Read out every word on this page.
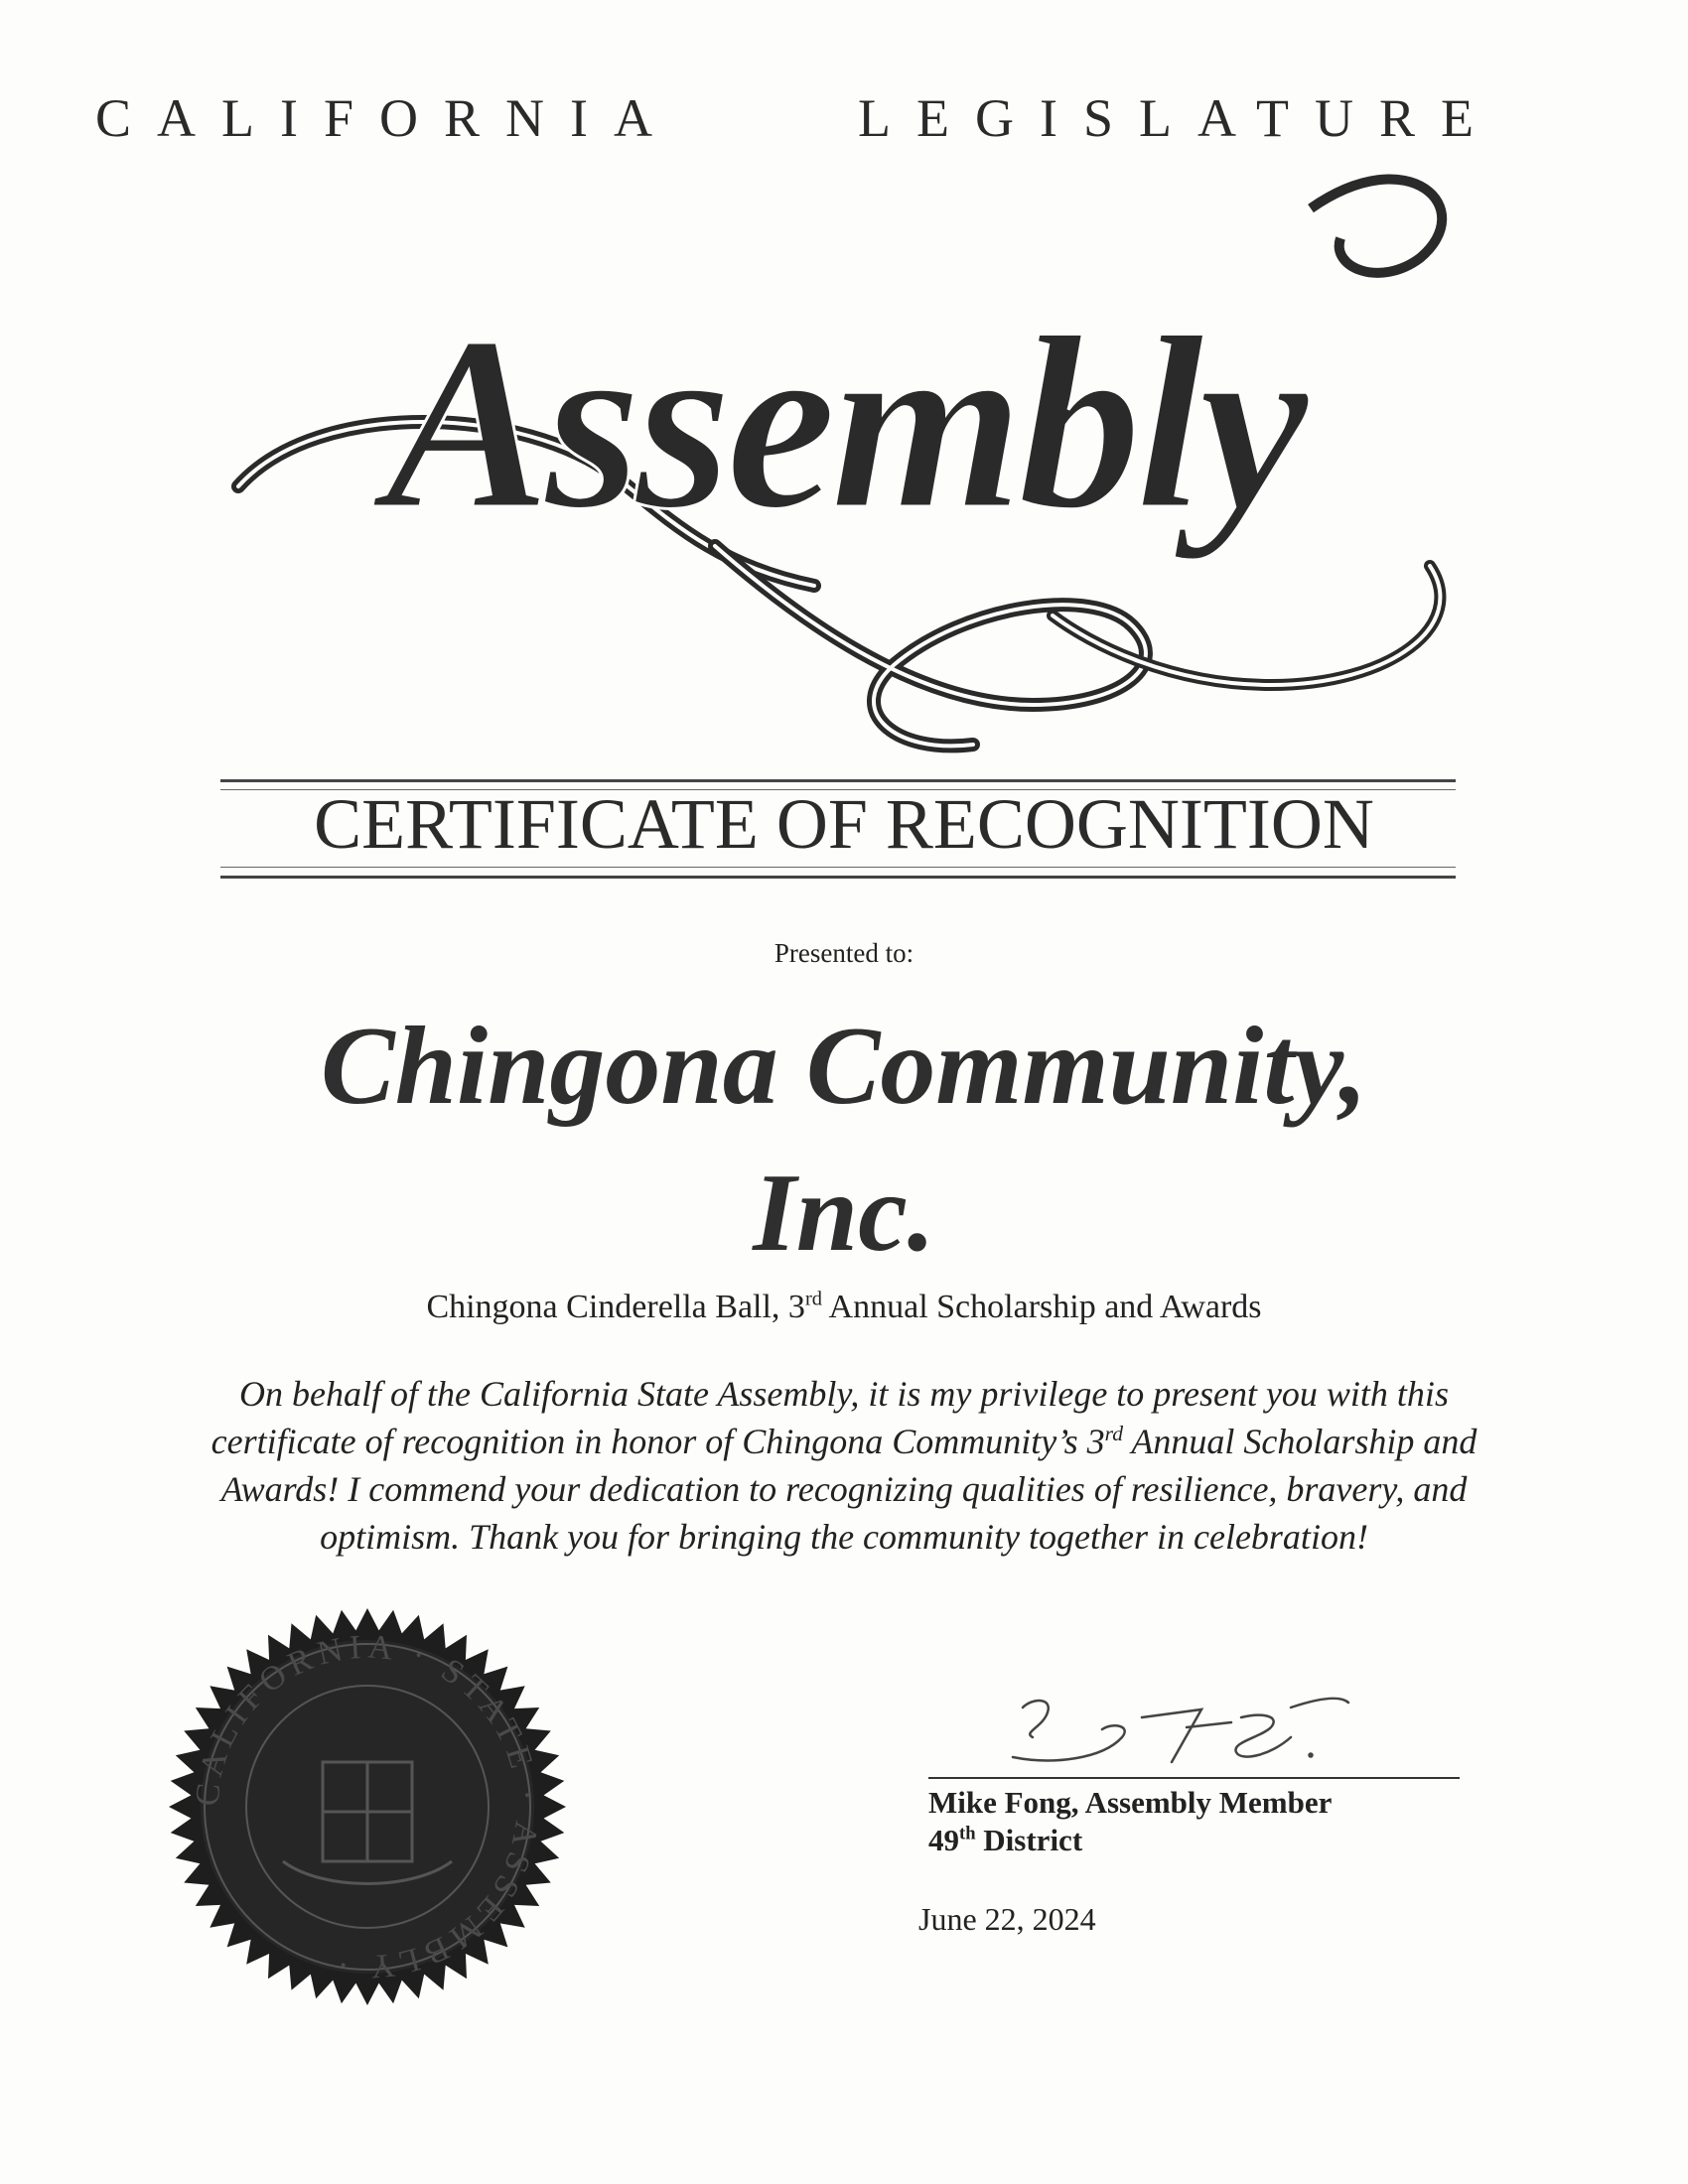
CALIFORNIA	LEGISLATURE
Assembly
CERTIFICATE OF RECOGNITION
Presented to:
Chingona Community,
Inc.
Chingona Cinderella Ball, 3rd Annual Scholarship and Awards
On behalf of the California State Assembly, it is my privilege to present you with this certificate of recognition in honor of Chingona Community’s 3rd Annual Scholarship and Awards! I commend your dedication to recognizing qualities of resilience, bravery, and optimism. Thank you for bringing the community together in celebration!
CALIFORNIA · STATE · ASSEMBLY ·
Mike Fong, Assembly Member
49th District
June 22, 2024
